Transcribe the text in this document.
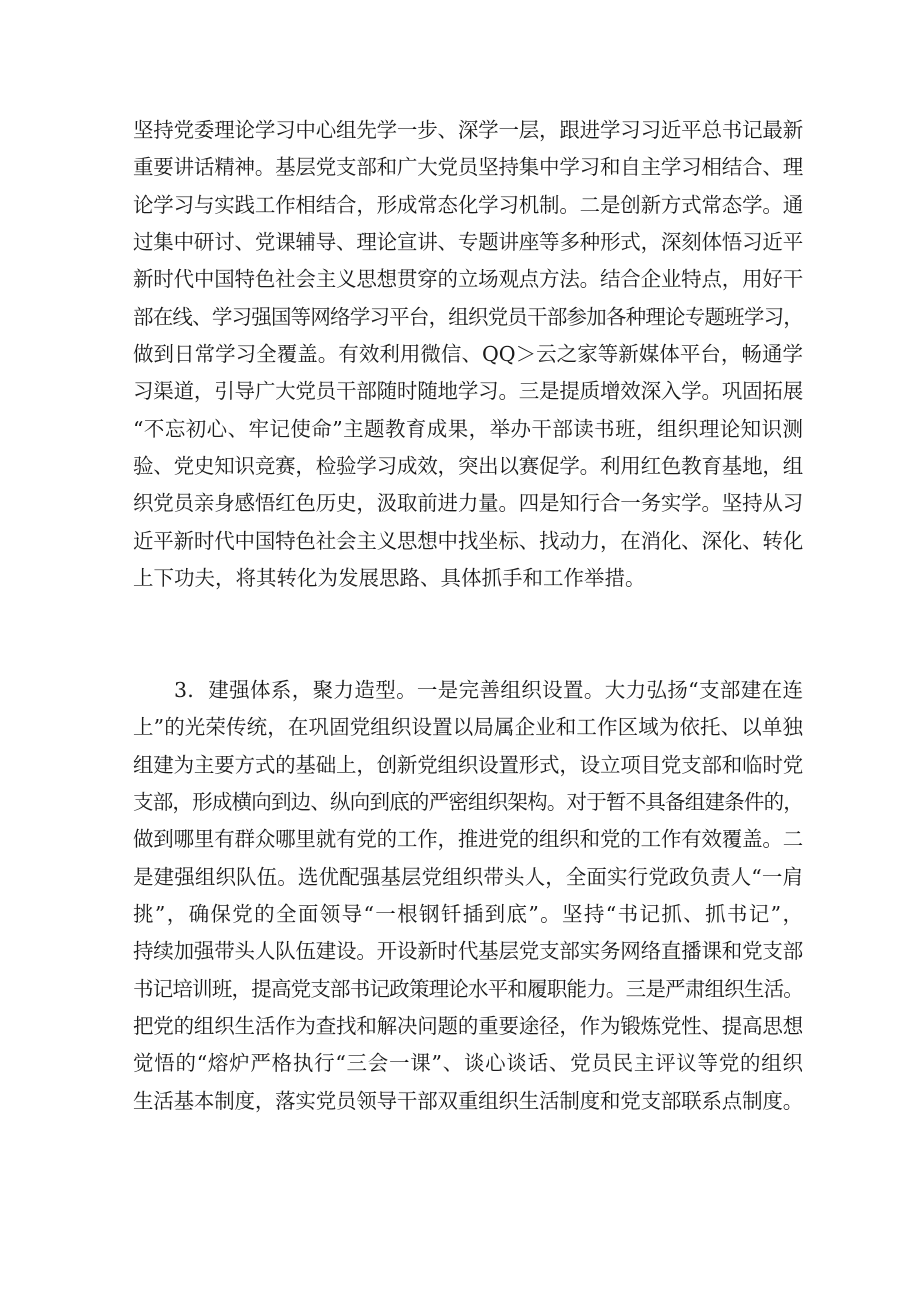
坚持党委理论学习中心组先学一步、深学一层，跟进学习习近平总书记最新
重要讲话精神。基层党支部和广大党员坚持集中学习和自主学习相结合、理
论学习与实践工作相结合，形成常态化学习机制。二是创新方式常态学。通
过集中研讨、党课辅导、理论宣讲、专题讲座等多种形式，深刻体悟习近平
新时代中国特色社会主义思想贯穿的立场观点方法。结合企业特点，用好干
部在线、学习强国等网络学习平台，组织党员干部参加各种理论专题班学习，
做到日常学习全覆盖。有效利用微信、QQ＞云之家等新媒体平台，畅通学
习渠道，引导广大党员干部随时随地学习。三是提质增效深入学。巩固拓展
“不忘初心、牢记使命”主题教育成果，举办干部读书班，组织理论知识测
验、党史知识竞赛，检验学习成效，突出以赛促学。利用红色教育基地，组
织党员亲身感悟红色历史，汲取前进力量。四是知行合一务实学。坚持从习
近平新时代中国特色社会主义思想中找坐标、找动力，在消化、深化、转化
上下功夫，将其转化为发展思路、具体抓手和工作举措。
3．建强体系，聚力造型。一是完善组织设置。大力弘扬“支部建在连
上”的光荣传统，在巩固党组织设置以局属企业和工作区域为依托、以单独
组建为主要方式的基础上，创新党组织设置形式，设立项目党支部和临时党
支部，形成横向到边、纵向到底的严密组织架构。对于暂不具备组建条件的，
做到哪里有群众哪里就有党的工作，推进党的组织和党的工作有效覆盖。二
是建强组织队伍。选优配强基层党组织带头人，全面实行党政负责人“一肩
挑”，确保党的全面领导“一根钢钎插到底”。坚持“书记抓、抓书记”，
持续加强带头人队伍建设。开设新时代基层党支部实务网络直播课和党支部
书记培训班，提高党支部书记政策理论水平和履职能力。三是严肃组织生活。
把党的组织生活作为查找和解决问题的重要途径，作为锻炼党性、提高思想
觉悟的“熔炉严格执行“三会一课”、谈心谈话、党员民主评议等党的组织
生活基本制度，落实党员领导干部双重组织生活制度和党支部联系点制度。
